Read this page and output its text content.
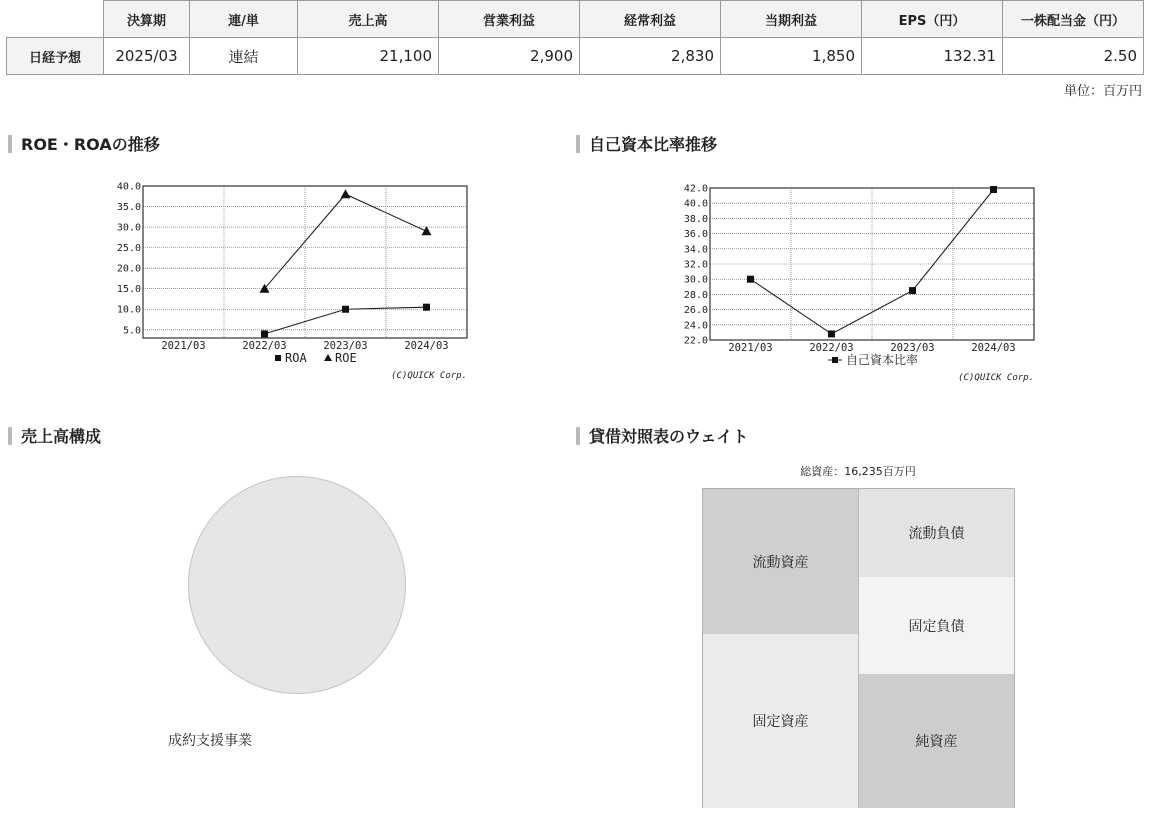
	決算期	連/単	売上高	営業利益	経常利益	当期利益	EPS（円）	一株配当金（円）
日経予想	2025/03	連結	21,100	2,900	2,830	1,850	132.31	2.50
単位：百万円
ROE・ROAの推移	自己資本比率推移
売上高構成	貸借対照表のウェイト
5.0
10.0
15.0
20.0
25.0
30.0
35.0
40.0
2021/03	2022/03	2023/03	2024/03
ROA ROE
(C)QUICK Corp.
22.0
24.0
26.0
28.0
30.0
32.0
34.0
36.0
38.0
40.0
42.0
2021/03	2022/03	2023/03	2024/03
自己資本比率
(C)QUICK Corp.
成約支援事業
総資産：16,235百万円
流動資産
固定資産
流動負債
固定負債
純資産
